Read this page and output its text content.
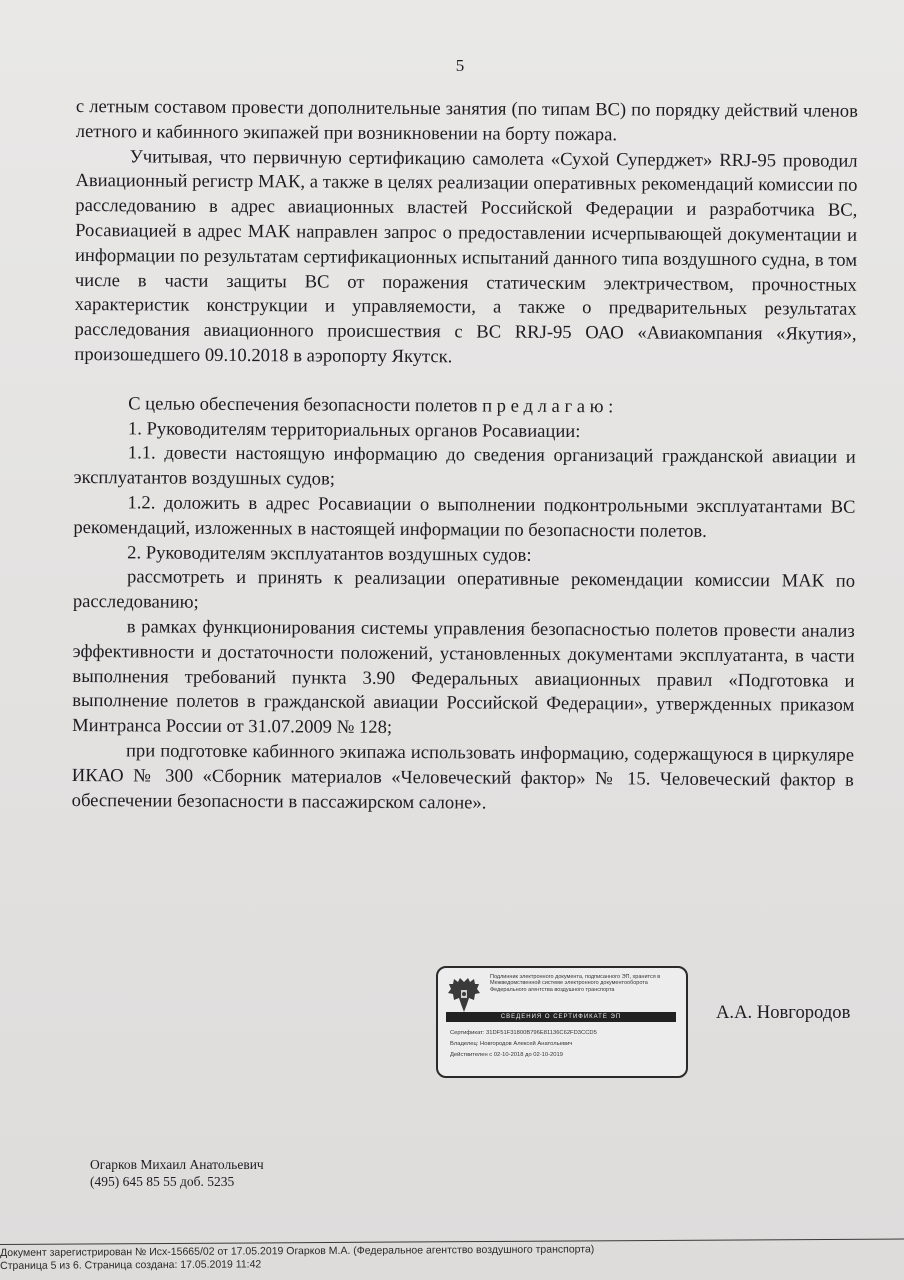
5

с летным составом провести дополнительные занятия (по типам ВС) по порядку действий членов летного и кабинного экипажей при возникновении на борту пожара.

Учитывая, что первичную сертификацию самолета «Сухой Суперджет» RRJ-95 проводил Авиационный регистр МАК, а также в целях реализации оперативных рекомендаций комиссии по расследованию в адрес авиационных властей Российской Федерации и разработчика ВС, Росавиацией в адрес МАК направлен запрос о предоставлении исчерпывающей документации и информации по результатам сертификационных испытаний данного типа воздушного судна, в том числе в части защиты ВС от поражения статическим электричеством, прочностных характеристик конструкции и управляемости, а также о предварительных результатах расследования авиационного происшествия с ВС RRJ-95 ОАО «Авиакомпания «Якутия», произошедшего 09.10.2018 в аэропорту Якутск.

С целью обеспечения безопасности полетов п р е д л а г а ю :

1. Руководителям территориальных органов Росавиации:

1.1. довести настоящую информацию до сведения организаций гражданской авиации и эксплуатантов воздушных судов;

1.2. доложить в адрес Росавиации о выполнении подконтрольными эксплуатантами ВС рекомендаций, изложенных в настоящей информации по безопасности полетов.

2. Руководителям эксплуатантов воздушных судов:

рассмотреть и принять к реализации оперативные рекомендации комиссии МАК по расследованию;

в рамках функционирования системы управления безопасностью полетов провести анализ эффективности и достаточности положений, установленных документами эксплуатанта, в части выполнения требований пункта 3.90 Федеральных авиационных правил «Подготовка и выполнение полетов в гражданской авиации Российской Федерации», утвержденных приказом Минтранса России от 31.07.2009 № 128;

при подготовке кабинного экипажа использовать информацию, содержащуюся в циркуляре ИКАО № 300 «Сборник материалов «Человеческий фактор» № 15. Человеческий фактор в обеспечении безопасности в пассажирском салоне».

Подлинник электронного документа, подписанного ЭП, хранится в Межведомственной системе электронного документооборота Федерального агентства воздушного транспорта
СВЕДЕНИЯ О СЕРТИФИКАТЕ ЭП
Сертификат: 31DF51F31800B796E81136C62FD3CCD5
Владелец: Новгородов Алексей Анатольевич
Действителен с 02-10-2018 до 02-10-2019
А.А. Новгородов
Огарков Михаил Анатольевич
(495) 645 85 55 доб. 5235
Документ зарегистрирован № Исх-15665/02 от 17.05.2019 Огарков М.А. (Федеральное агентство воздушного транспорта)
Страница 5 из 6. Страница создана: 17.05.2019 11:42
